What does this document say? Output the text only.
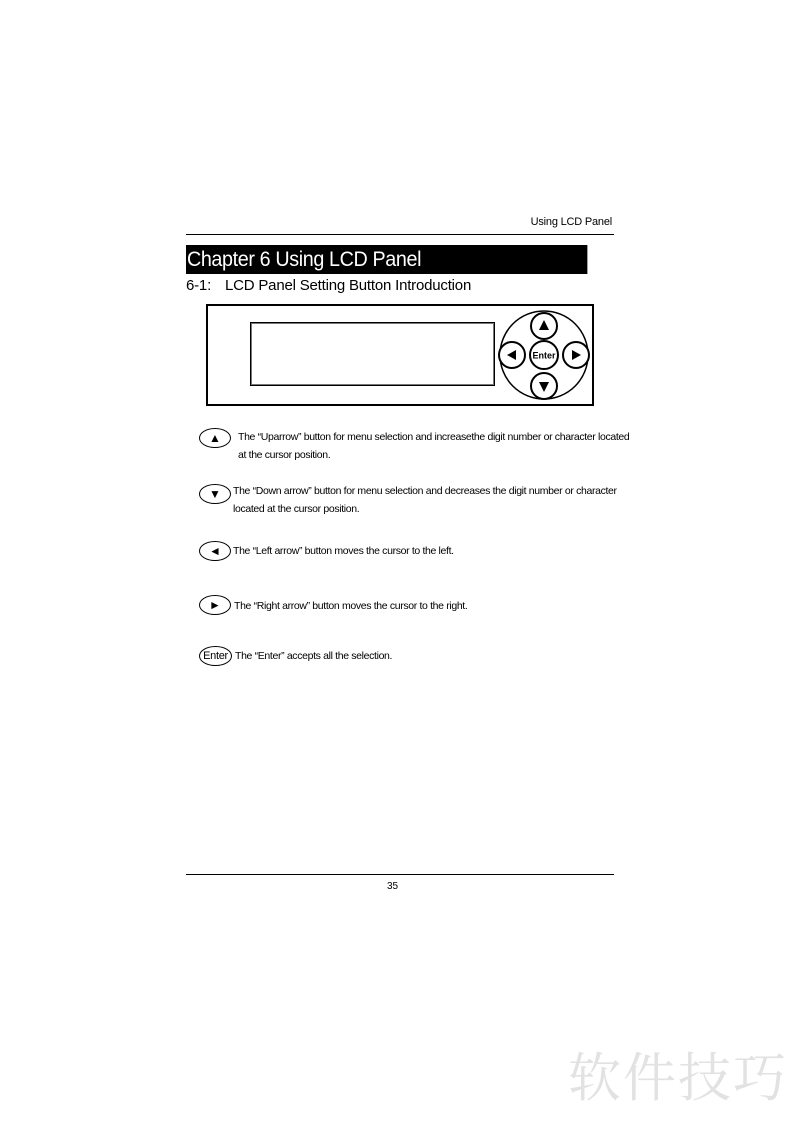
Using LCD Panel
Chapter 6 Using LCD Panel
6-1: LCD Panel Setting Button Introduction
Enter
▲	The “Uparrow” button for menu selection and increasethe digit number or character located
at the cursor position.
▼	The “Down arrow” button for menu selection and decreases the digit number or character
located at the cursor position.
◄	The “Left arrow” button moves the cursor to the left.
►	The “Right arrow” button moves the cursor to the right.
Enter The “Enter” accepts all the selection.
35
软件技巧
